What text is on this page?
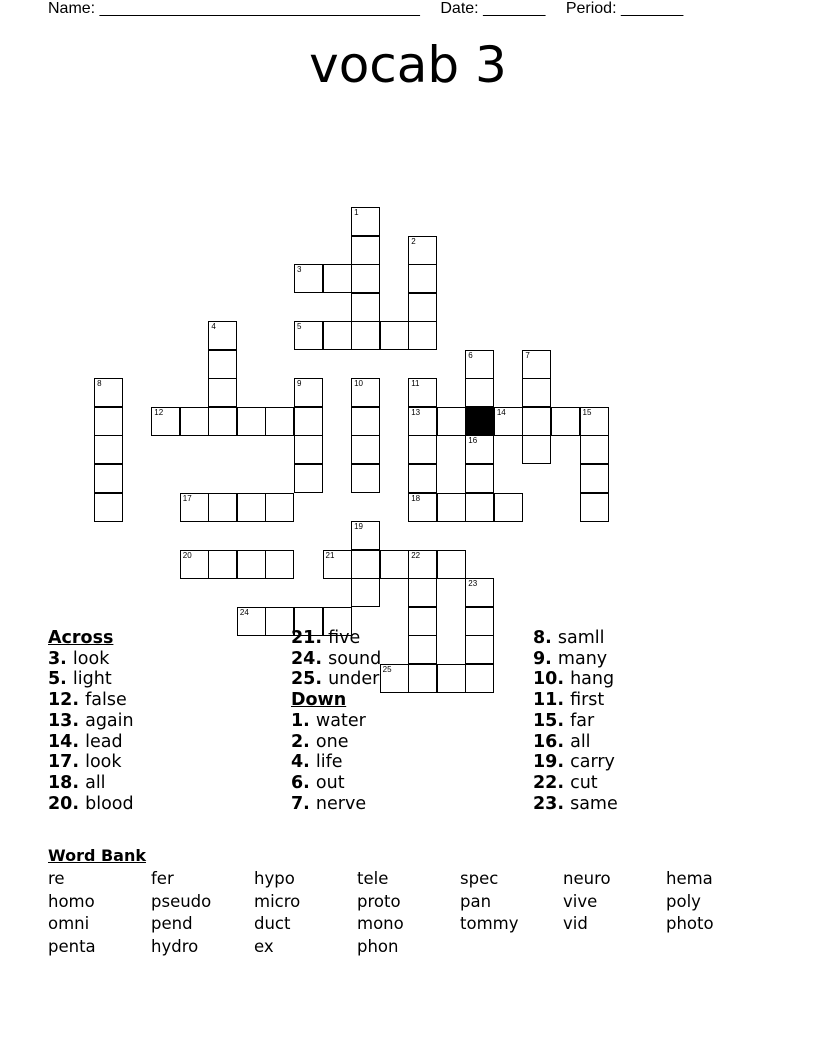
Name: ____________________________________ Date: _______ Period: _______
vocab 3
1
2
3
5
4
6
16
7
8	9	10	11
13
12	14	15
17	18
19
20	21	22
23
24
25
Across
3. look
5. light
12. false
13. again
14. lead
17. look
18. all
20. blood
21. five
24. sound
25. under
Down
1. water
2. one
4. life
6. out
7. nerve
8. samll
9. many
10. hang
11. first
15. far
16. all
19. carry
22. cut
23. same
Word Bank
re	fer	hypo	tele	spec	neuro	hema
homo	pseudo	micro	proto	pan	vive	poly
omni	pend	duct	mono	tommy	vid	photo
penta	hydro	ex	phon
